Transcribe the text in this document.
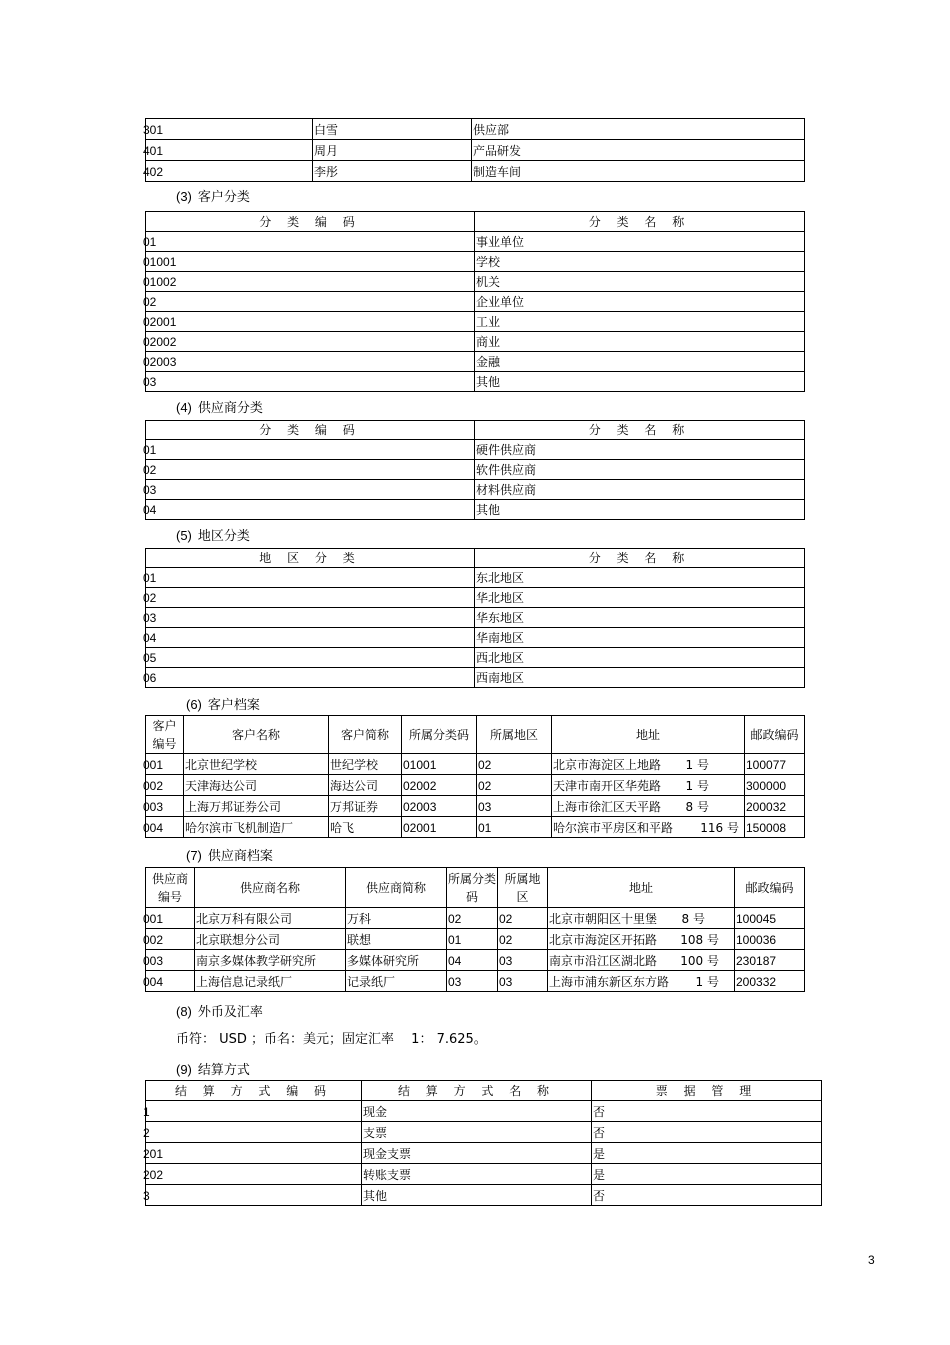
301	白雪	供应部
401	周月	产品研发
402	李彤	制造车间
(3) 客户分类
分 类 编 码	分 类 名 称
01	事业单位
01001	学校
01002	机关
02	企业单位
02001	工业
02002	商业
02003	金融
03	其他
(4) 供应商分类
分 类 编 码	分 类 名 称
01	硬件供应商
02	软件供应商
03	材料供应商
04	其他
(5) 地区分类
地 区 分 类	分 类 名 称
01	东北地区
02	华北地区
03	华东地区
04	华南地区
05	西北地区
06	西南地区
(6) 客户档案
客户编号	客户名称	客户简称	所属分类码	所属地区	地址	邮政编码
001	北京世纪学校	世纪学校	01001	02	北京市海淀区上地路 1 号	100077
002	天津海达公司	海达公司	02002	02	天津市南开区华苑路 1 号	300000
003	上海万邦证券公司	万邦证券	02003	03	上海市徐汇区天平路 8 号	200032
004	哈尔滨市飞机制造厂	哈飞	02001	01	哈尔滨市平房区和平路 116 号	150008
(7) 供应商档案
供应商编号	供应商名称	供应商简称	所属分类码	所属地区	地址	邮政编码
001	北京万科有限公司	万科	02	02	北京市朝阳区十里堡 8 号	100045
002	北京联想分公司	联想	01	02	北京市海淀区开拓路 108 号	100036
003	南京多媒体教学研究所	多媒体研究所	04	03	南京市沿江区湖北路 100 号	230187
004	上海信息记录纸厂	记录纸厂	03	03	上海市浦东新区东方路 1 号	200332
(8) 外币及汇率
币符： USD ；币名：美元；固定汇率　 1： 7.625。
(9) 结算方式
结 算 方 式 编 码	结 算 方 式 名 称	票 据 管 理
1	现金	否
2	支票	否
201	现金支票	是
202	转账支票	是
3	其他	否
3
